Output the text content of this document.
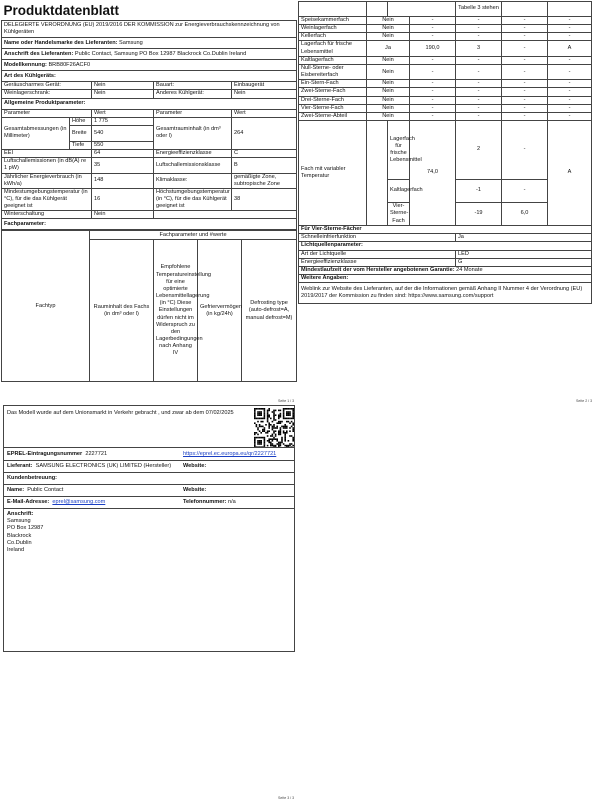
Produktdatenblatt				
DELEGIERTE VERORDNUNG (EU) 2019/2016 DER KOMMISSION zur Energieverbrauchskennzeichnung von Kühlgeräten				
Name oder Handelsmarke des Lieferanten: Samsung				
Anschrift des Lieferanten: Public Contact, Samsung PO Box 12987 Blackrock Co.Dublin Ireland				
Modellkennung: BRB80F26ACF0				
Art des Kühlgeräts:				
Geräuscharmes Gerät:		Nein	Bauart:	Einbaugerät
Weinlagerschrank:		Nein	Anderes Kühlgerät:	Nein
Allgemeine Produktparameter:				
Parameter		Wert	Parameter	Wert
Gesamtabmessungen (in Millimeter)	Höhe	1 775	Gesamtrauminhalt (in dm³ oder l)	264
	Breite	540		
	Tiefe	550		
EEI		64	Energieeffizienzklasse	C
Luftschallemissionen (in dB(A) re 1 pW)		35	Luftschallemissionsklasse	B
Jährlicher Energieverbrauch (in kWh/a)		148	Klimaklasse:	gemäßigte Zone, subtropische Zone
Mindestumgebungstemperatur (in °C), für die das Kühlgerät geeignet ist		16	Höchstumgebungstemperatur (in °C), für die das Kühlgerät geeignet ist	38
Winterschaltung		Nein		
Fachparameter:				
Fachtyp	Fachparameter und #werte			
	Rauminhalt des Fachs (in dm³ oder l)	Empfohlene Temperatureinstellung für eine optimierte Lebensmittellagerung (in °C) Diese Einstellungen dürfen nicht im Widerspruch zu den Lagerbedingungen nach Anhang IV	Gefriervermögen (in kg/24h)	Defrosting type (auto-defrost=A, manual defrost=M)
Seite 1 / 3
				Tabelle 3 stehen		
Speisekammerfach	Nein		-	-	-	-
Weinlagerfach	Nein		-	-	-	-
Kellerfach	Nein		-	-	-	-
Lagerfach für frische Lebensmittel	Ja		190,0	3	-	A
Kaltlagerfach	Nein		-	-	-	-
Null-Sterne- oder Eisbereiterfach	Nein		-	-	-	-
Ein-Stern-Fach	Nein		-	-	-	-
Zwei-Sterne-Fach	Nein		-	-	-	-
Drei-Sterne-Fach	Nein		-	-	-	-
Vier-Sterne-Fach	Nein		-	-	-	-
Zwei-Sterne-Abteil	Nein		-	-	-	-
Fach mit variabler Temperatur		Lagerfach für frische Lebensmittel	74,0	2	-	A
		Kaltlagerfach		-1	-	
		Vier-Sterne-Fach		-19	6,0	
Für Vier-Sterne-Fächer						
Schnelleinfrierfunktion				Ja		
Lichtquellenparameter:						
Art der Lichtquelle				LED		
Energieeffizienzklasse				G		
Mindestlaufzeit der vom Hersteller angebotenen Garantie: 24 Monate						
Weitere Angaben:						
Weblink zur Website des Lieferanten, auf der die Informationen gemäß Anhang II Nummer 4 der Verordnung (EU) 2019/2017 der Kommission zu finden sind: https://www.samsung.com/support						
Seite 2 / 3
Das Modell wurde auf dem Unionsmarkt in Verkehr gebracht , und zwar ab dem 07/02/2025
EPREL-Eintragungsnummer 2227721	https://eprel.ec.europa.eu/qr/2227721
Lieferant: SAMSUNG ELECTRONICS (UK) LIMITED (Hersteller) Website:
Kundenbetreuung:
Name: Public Contact	Website:
E-Mail-Adresse: eprel@samsung.com	Telefonnummer: n/a
Anschrift:
Samsung
PO Box 12987
Blackrock
Co.Dublin
Ireland
Seite 3 / 3
